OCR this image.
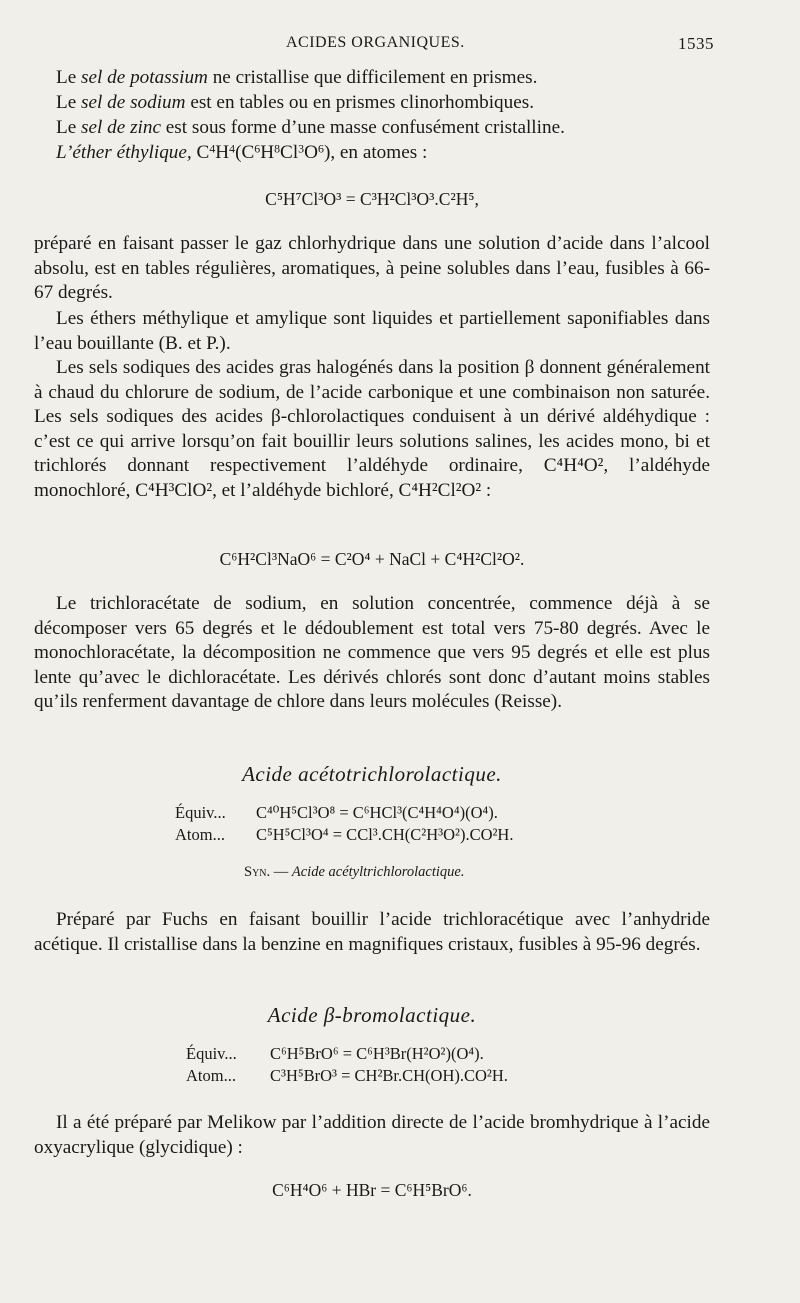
ACIDES ORGANIQUES.	1535

Le sel de potassium ne cristallise que difficilement en prismes.

Le sel de sodium est en tables ou en prismes clinorhombiques.

Le sel de zinc est sous forme d’une masse confusément cristalline.

L’éther éthylique, $C^4H^4(C^6H^8Cl^3O^6)$, en atomes :

C⁵H⁷Cl³O³ = C³H²Cl³O³.C²H⁵,

préparé en faisant passer le gaz chlorhydrique dans une solution d’acide dans l’alcool absolu, est en tables régulières, aromatiques, à peine solubles dans l’eau, fusibles à 66-67 degrés.

Les éthers méthylique et amylique sont liquides et partiellement saponifiables dans l’eau bouillante (B. et P.).

Les sels sodiques des acides gras halogénés dans la position β donnent généralement à chaud du chlorure de sodium, de l’acide carbonique et une combinaison non saturée. Les sels sodiques des acides β-chlorolactiques conduisent à un dérivé aldéhydique : c’est ce qui arrive lorsqu’on fait bouillir leurs solutions salines, les acides mono, bi et trichlorés donnant respectivement l’aldéhyde ordinaire, C⁴H⁴O², l’aldéhyde monochloré, C⁴H³ClO², et l’aldéhyde bichloré, C⁴H²Cl²O² :

C⁶H²Cl³NaO⁶ = C²O⁴ + NaCl + C⁴H²Cl²O².

Le trichloracétate de sodium, en solution concentrée, commence déjà à se décomposer vers 65 degrés et le dédoublement est total vers 75-80 degrés. Avec le monochloracétate, la décomposition ne commence que vers 95 degrés et elle est plus lente qu’avec le dichloracétate. Les dérivés chlorés sont donc d’autant moins stables qu’ils renferment davantage de chlore dans leurs molécules (Reisse).

Acide acétotrichlorolactique.
Équiv... C⁴⁰H⁵Cl³O⁸ = C⁶HCl³(C⁴H⁴O⁴)(O⁴).
Atom... C⁵H⁵Cl³O⁴ = CCl³.CH(C²H³O²).CO²H.
Syn. — Acide acétyltrichlorolactique.

Préparé par Fuchs en faisant bouillir l’acide trichloracétique avec l’anhydride acétique. Il cristallise dans la benzine en magnifiques cristaux, fusibles à 95-96 degrés.

Acide β-bromolactique.
Équiv... C⁶H⁵BrO⁶ = C⁶H³Br(H²O²)(O⁴).
Atom... C³H⁵BrO³ = CH²Br.CH(OH).CO²H.

Il a été préparé par Melikow par l’addition directe de l’acide bromhydrique à l’acide oxyacrylique (glycidique) :

C⁶H⁴O⁶ + HBr = C⁶H⁵BrO⁶.
